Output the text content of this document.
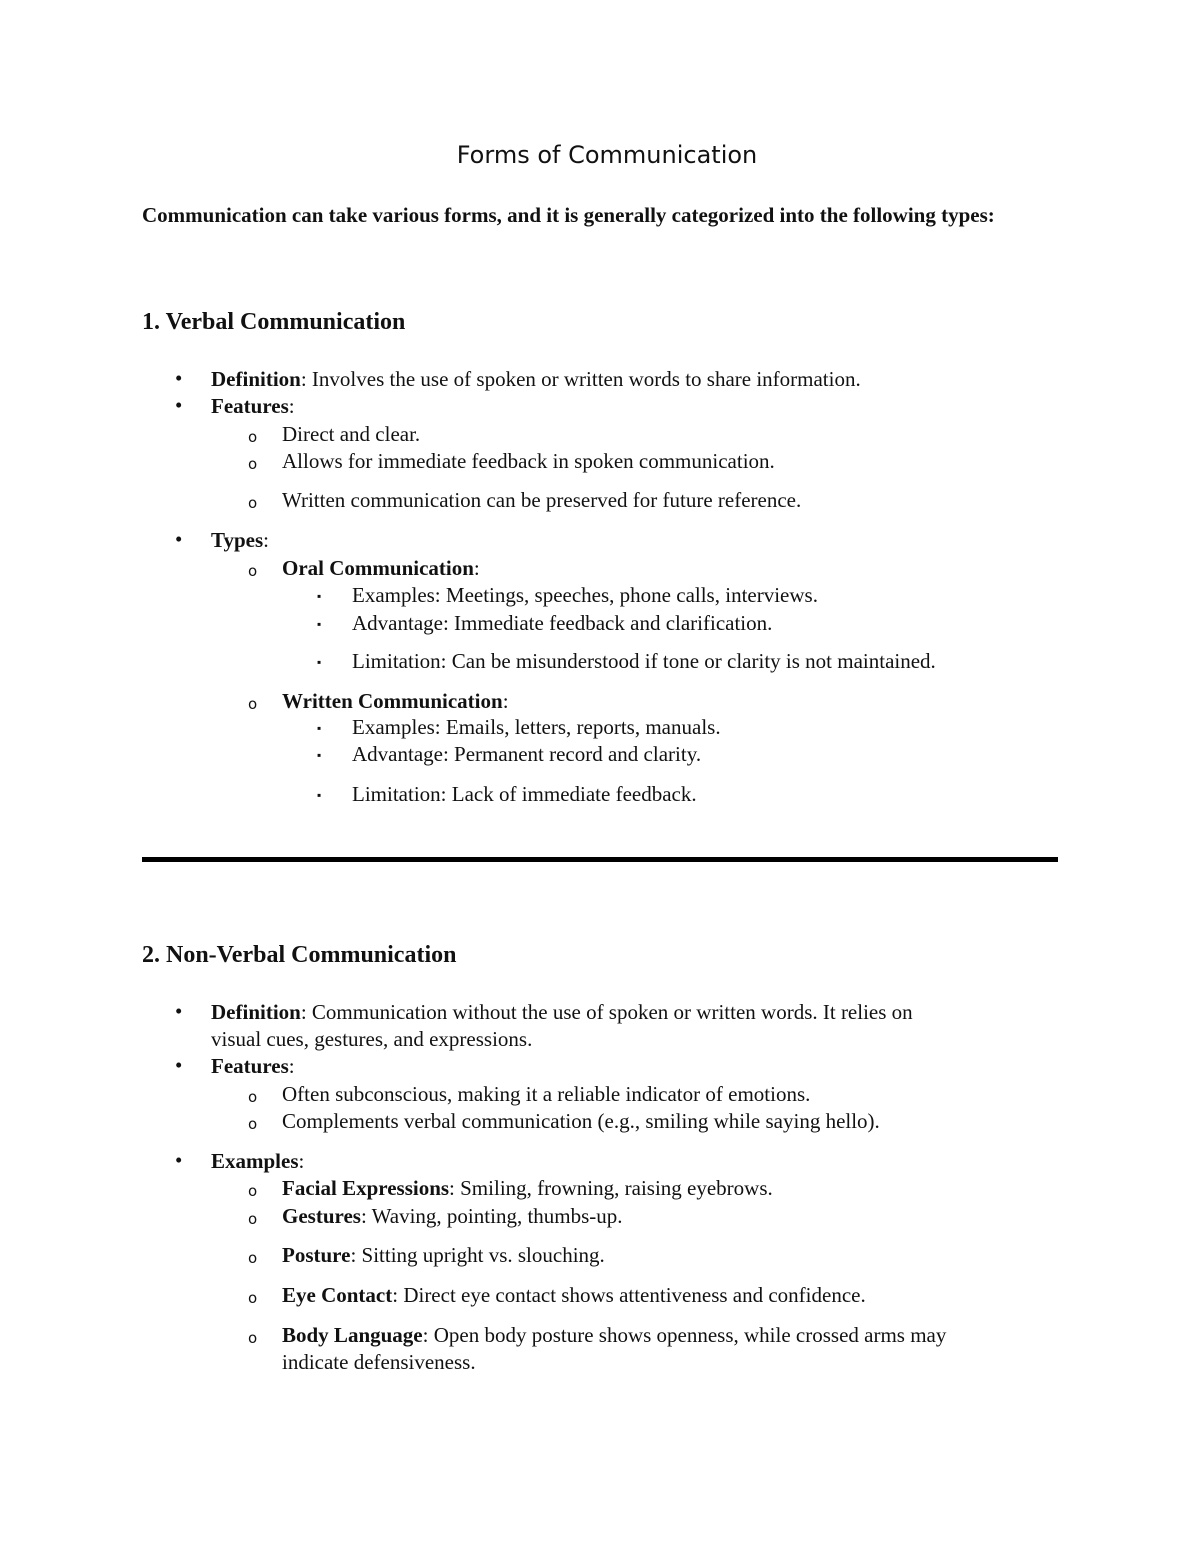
Forms of Communication
Communication can take various forms, and it is generally categorized into the following types:
1. Verbal Communication
• Definition: Involves the use of spoken or written words to share information.
• Features:
o Direct and clear.
o Allows for immediate feedback in spoken communication.
o Written communication can be preserved for future reference.
• Types:
o Oral Communication:
▪ Examples: Meetings, speeches, phone calls, interviews.
▪ Advantage: Immediate feedback and clarification.
▪ Limitation: Can be misunderstood if tone or clarity is not maintained.
o Written Communication:
▪ Examples: Emails, letters, reports, manuals.
▪ Advantage: Permanent record and clarity.
▪ Limitation: Lack of immediate feedback.
2. Non-Verbal Communication
• Definition: Communication without the use of spoken or written words. It relies on
visual cues, gestures, and expressions.
• Features:
o Often subconscious, making it a reliable indicator of emotions.
o Complements verbal communication (e.g., smiling while saying hello).
• Examples:
o Facial Expressions: Smiling, frowning, raising eyebrows.
o Gestures: Waving, pointing, thumbs-up.
o Posture: Sitting upright vs. slouching.
o Eye Contact: Direct eye contact shows attentiveness and confidence.
o Body Language: Open body posture shows openness, while crossed arms may
indicate defensiveness.
